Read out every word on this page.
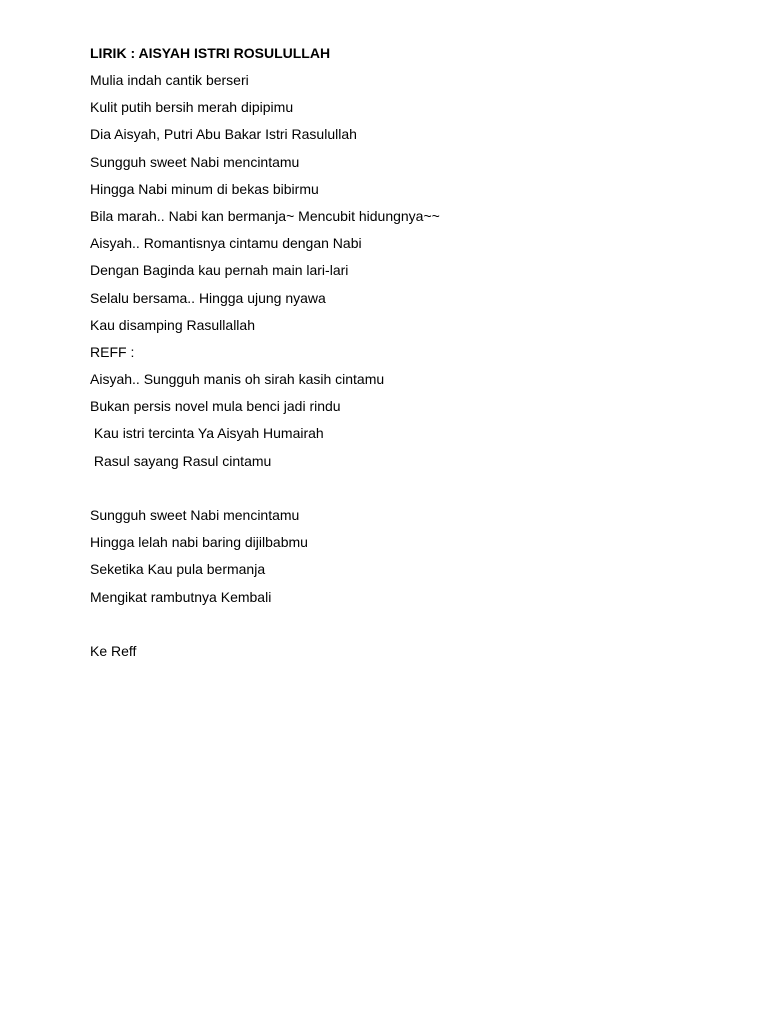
LIRIK : AISYAH ISTRI ROSULULLAH
Mulia indah cantik berseri
Kulit putih bersih merah dipipimu
Dia Aisyah, Putri Abu Bakar Istri Rasulullah
Sungguh sweet Nabi mencintamu
Hingga Nabi minum di bekas bibirmu
Bila marah.. Nabi kan bermanja~ Mencubit hidungnya~~
Aisyah.. Romantisnya cintamu dengan Nabi
Dengan Baginda kau pernah main lari-lari
Selalu bersama.. Hingga ujung nyawa
Kau disamping Rasullallah
REFF :
Aisyah.. Sungguh manis oh sirah kasih cintamu
Bukan persis novel mula benci jadi rindu
Kau istri tercinta Ya Aisyah Humairah
Rasul sayang Rasul cintamu
Sungguh sweet Nabi mencintamu
Hingga lelah nabi baring dijilbabmu
Seketika Kau pula bermanja
Mengikat rambutnya Kembali
Ke Reff
